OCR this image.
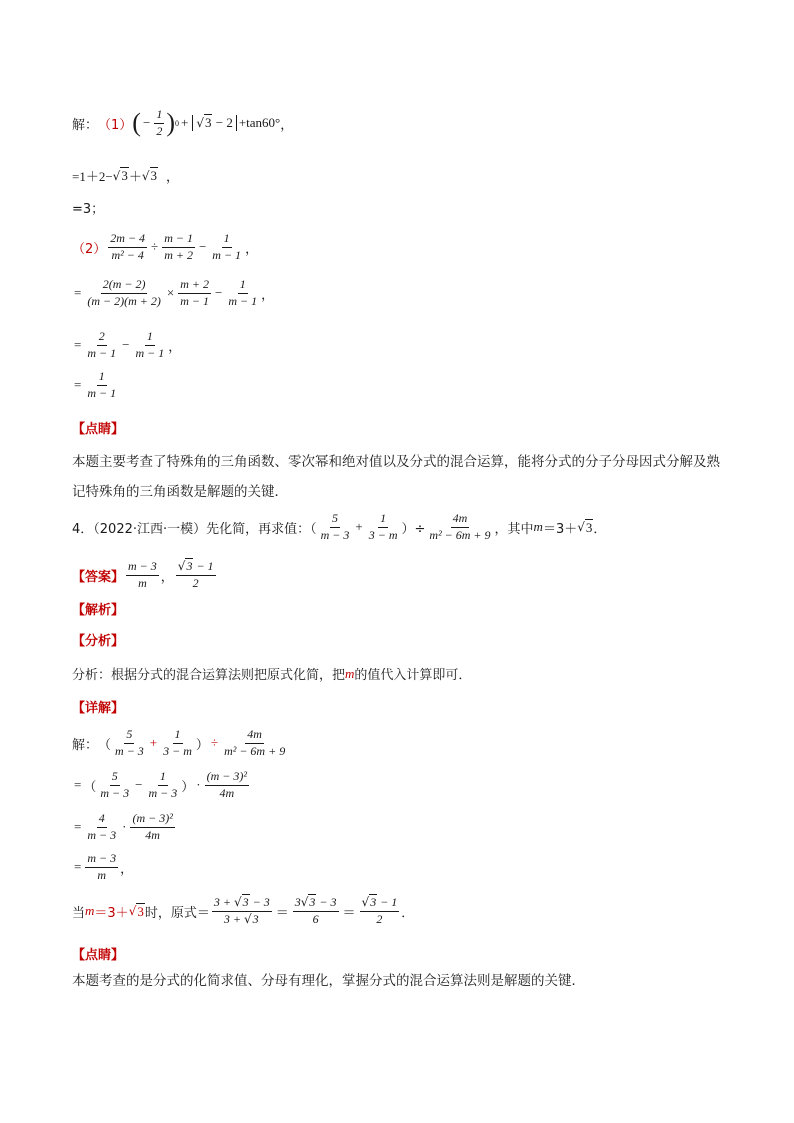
解： （1） ( − $\frac{1}{2}$ ) 0 + √3 − 2 +tan60° ，
=1＋2− √ 3 ＋ √ 3 ，
=3；
$(2) \frac{2m - 4}{\text{m² − 4}} \div \frac{m - 1}{m + 2} - \frac{1}{m - 1}$ ，
= $\frac{2(m - 2)}{(m - 2)(m + 2)} \times \frac{m + 2}{m - 1} - \frac{1}{m - 1}$ ，
= $\frac{2}{m - 1} - \frac{1}{m - 1}$ ，
= $\frac{1}{m - 1}$
【点睛】
本题主要考查了特殊角的三角函数、零次幂和绝对值以及分式的混合运算，能将分式的分子分母因式分解及熟记特殊角的三角函数是解题的关键．
4．（2022·江西·一模）先化简，再求值：（ $\frac{5}{m - 3} + \frac{1}{3 - m}$ ）÷ $\frac{4m}{\text{m² − 6m + 9}}$ ，其中 m ＝3＋ √ 3 ．
【答案】 $\frac{m - 3}{m}$ ， $\frac{√3 - 1}{2}$
【解析】
【分析】
分析：根据分式的混合运算法则把原式化简，把 m 的值代入计算即可．
【详解】
解： （ $\frac{5}{m - 3} + \frac{1}{3 - m}$ ） ÷ $\frac{4m}{\text{m² − 6m + 9}}$
= （ $\frac{5}{m - 3} - \frac{1}{m - 3}$ ） · $\frac{\text{(m − 3)²}}{4m}$
= $\frac{4}{m - 3} \cdot \frac{\text{(m − 3)²}}{4m}$
= $\frac{m - 3}{m}$ ，
当 m ＝3＋ √ 3 时，原式＝ $\frac{3 + √3 - 3}{3 + √3} = \frac{3√3 - 3}{6} = \frac{√3 - 1}{2}$ ．
【点睛】
本题考查的是分式的化简求值、分母有理化，掌握分式的混合运算法则是解题的关键．
